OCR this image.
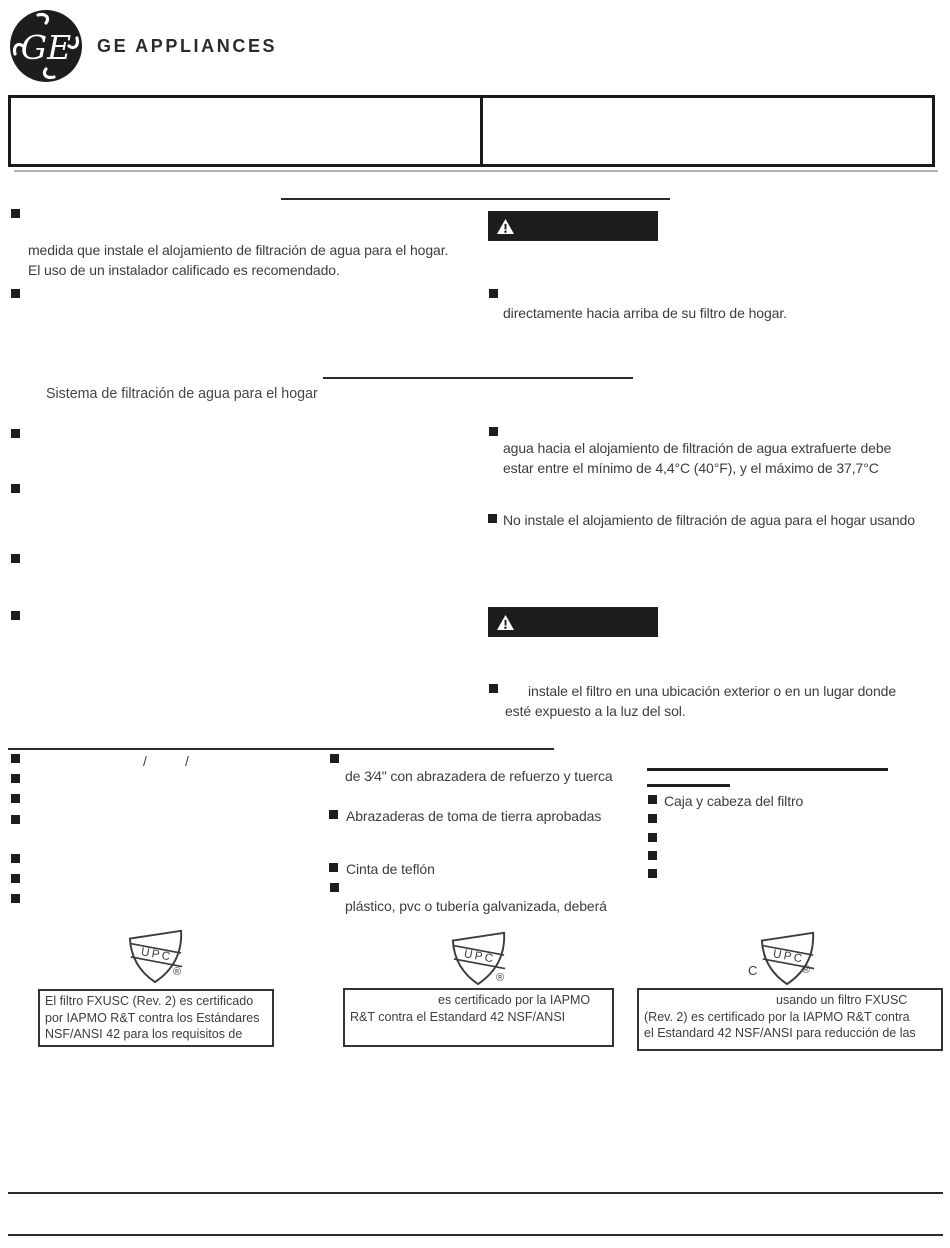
GE GE APPLIANCES
medida que instale el alojamiento de filtración de agua para el hogar.
El uso de un instalador calificado es recomendado.
directamente hacia arriba de su filtro de hogar.
Sistema de filtración de agua para el hogar
agua hacia el alojamiento de filtración de agua extrafuerte debe
estar entre el mínimo de 4,4°C (40°F), y el máximo de 37,7°C
No instale el alojamiento de filtración de agua para el hogar usando
instale el filtro en una ubicación exterior o en un lugar donde
esté expuesto a la luz del sol.
/	/
de 3⁄4" con abrazadera de refuerzo y tuerca
Abrazaderas de toma de tierra aprobadas
Cinta de teflón
plástico, pvc o tubería galvanizada, deberá
Caja y cabeza del filtro
UPC
®
El filtro FXUSC (Rev. 2) es certificado
por IAPMO R&T contra los Estándares
NSF/ANSI 42 para los requisitos de
UPC
®
es certificado por la IAPMO
R&T contra el Estandard 42 NSF/ANSI
UPC
C	®
usando un filtro FXUSC
(Rev. 2) es certificado por la IAPMO R&T contra
el Estandard 42 NSF/ANSI para reducción de las
